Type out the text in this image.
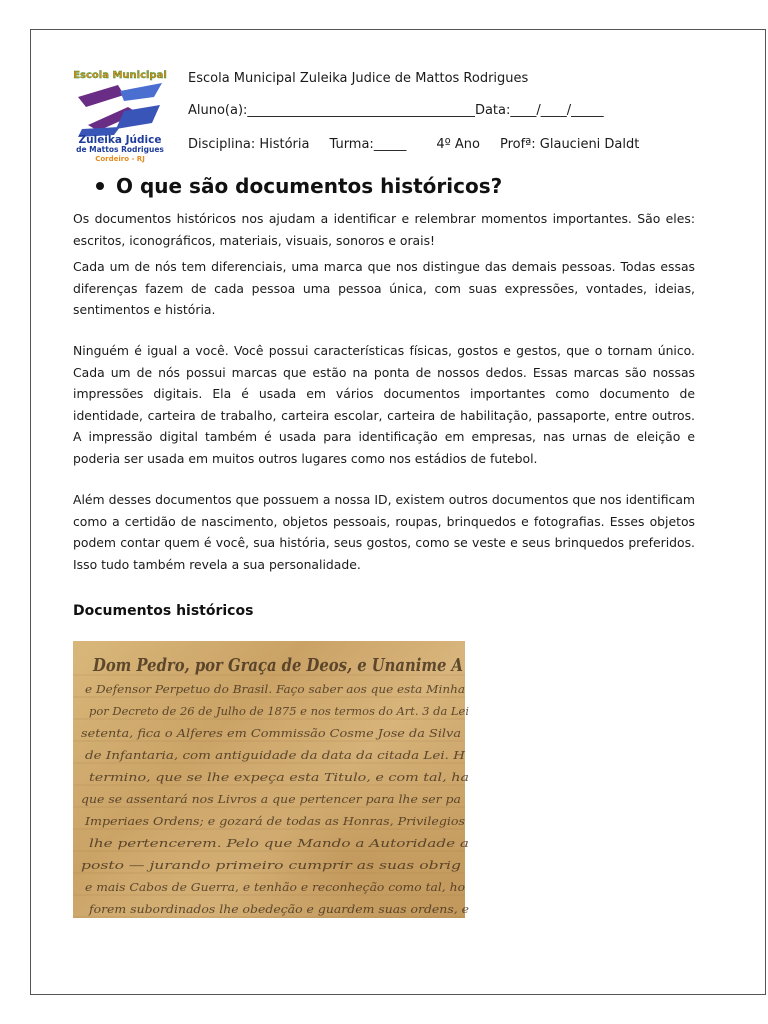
Escola Municipal
Zuleika Júdice
de Mattos Rodrigues
Cordeiro - RJ
Escola Municipal Zuleika Judice de Mattos Rodrigues
Aluno(a):___________________________________Data:____/____/_____
Disciplina: História Turma:_____ 4º Ano Profª: Glaucieni Daldt
O que são documentos históricos?
Os documentos históricos nos ajudam a identificar e relembrar momentos importantes. São eles: escritos, iconográficos, materiais, visuais, sonoros e orais!
Cada um de nós tem diferenciais, uma marca que nos distingue das demais pessoas. Todas essas diferenças fazem de cada pessoa uma pessoa única, com suas expressões, vontades, ideias, sentimentos e história.
Ninguém é igual a você. Você possui características físicas, gostos e gestos, que o tornam único. Cada um de nós possui marcas que estão na ponta de nossos dedos. Essas marcas são nossas impressões digitais. Ela é usada em vários documentos importantes como documento de identidade, carteira de trabalho, carteira escolar, carteira de habilitação, passaporte, entre outros. A impressão digital também é usada para identificação em empresas, nas urnas de eleição e poderia ser usada em muitos outros lugares como nos estádios de futebol.
Além desses documentos que possuem a nossa ID, existem outros documentos que nos identificam como a certidão de nascimento, objetos pessoais, roupas, brinquedos e fotografias. Esses objetos podem contar quem é você, sua história, seus gostos, como se veste e seus brinquedos preferidos. Isso tudo também revela a sua personalidade.
Documentos históricos
Dom Pedro, por Graça de Deos, e Unanime A
e Defensor Perpetuo do Brasil. Faço saber aos que esta Minha
por Decreto de 26 de Julho de 1875 e nos termos do Art. 3 da Lei
setenta, fica o Alferes em Commissão Cosme Jose da Silva
de Infantaria, com antiguidade da data da citada Lei. H
termino, que se lhe expeça esta Titulo, e com tal, ha
que se assentará nos Livros a que pertencer para lhe ser pa
Imperiaes Ordens; e gozará de todas as Honras, Privilegios
lhe pertencerem. Pelo que Mando a Autoridade a
posto — jurando primeiro cumprir as suas obrig
e mais Cabos de Guerra, e tenhão e reconheção como tal, ho
forem subordinados lhe obedeção e guardem suas ordens, e
